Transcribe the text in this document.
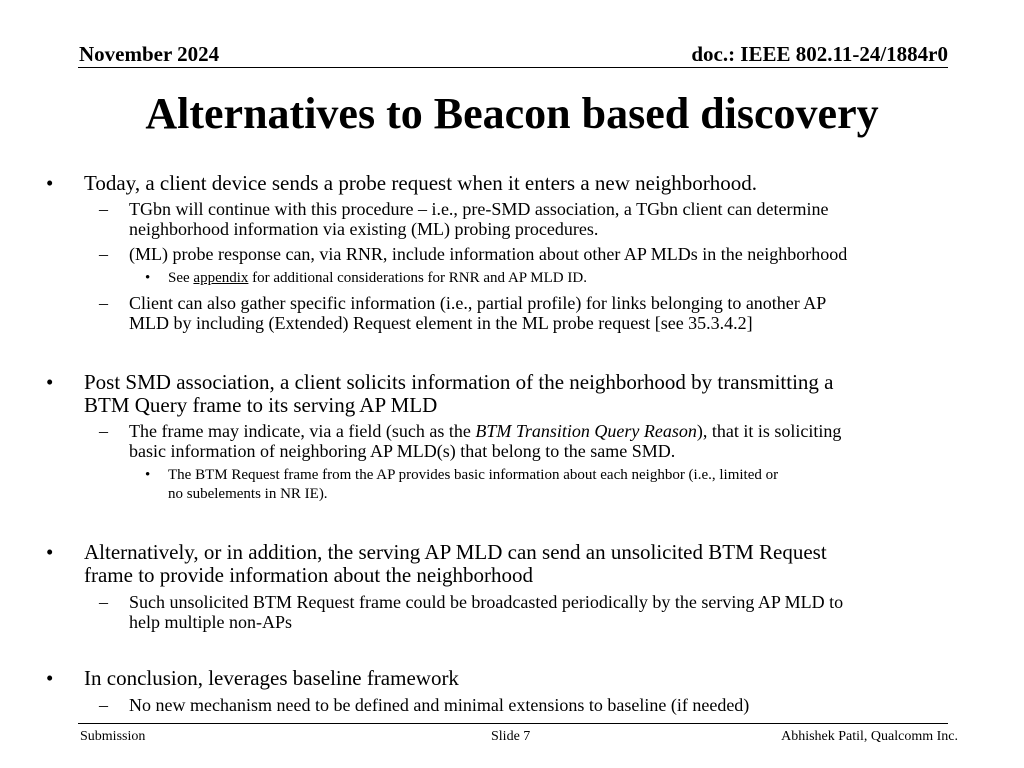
November 2024	doc.: IEEE 802.11-24/1884r0
Alternatives to Beacon based discovery
• Today, a client device sends a probe request when it enters a new neighborhood.
– TGbn will continue with this procedure – i.e., pre-SMD association, a TGbn client can determine
neighborhood information via existing (ML) probing procedures.
– (ML) probe response can, via RNR, include information about other AP MLDs in the neighborhood
• See appendix for additional considerations for RNR and AP MLD ID.
– Client can also gather specific information (i.e., partial profile) for links belonging to another AP
MLD by including (Extended) Request element in the ML probe request [see 35.3.4.2]
• Post SMD association, a client solicits information of the neighborhood by transmitting a
BTM Query frame to its serving AP MLD
– The frame may indicate, via a field (such as the BTM Transition Query Reason), that it is soliciting
basic information of neighboring AP MLD(s) that belong to the same SMD.
• The BTM Request frame from the AP provides basic information about each neighbor (i.e., limited or
no subelements in NR IE).
• Alternatively, or in addition, the serving AP MLD can send an unsolicited BTM Request
frame to provide information about the neighborhood
– Such unsolicited BTM Request frame could be broadcasted periodically by the serving AP MLD to
help multiple non-APs
• In conclusion, leverages baseline framework
– No new mechanism need to be defined and minimal extensions to baseline (if needed)
Submission	Slide 7	Abhishek Patil, Qualcomm Inc.
